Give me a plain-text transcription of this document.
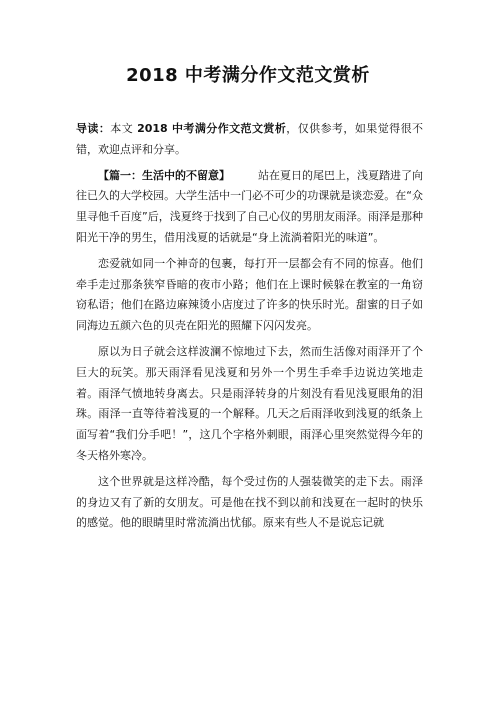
2018 中考满分作文范文赏析

导读：本文 2018 中考满分作文范文赏析，仅供参考，如果觉得很不错，欢迎点评和分享。

【篇一：生活中的不留意】	站在夏日的尾巴上，浅夏踏进了向往已久的大学校园。大学生活中一门必不可少的功课就是谈恋爱。在“众里寻他千百度”后，浅夏终于找到了自己心仪的男朋友雨泽。雨泽是那种阳光干净的男生，借用浅夏的话就是“身上流淌着阳光的味道”。

恋爱就如同一个神奇的包裹，每打开一层都会有不同的惊喜。他们牵手走过那条狭窄昏暗的夜市小路；他们在上课时候躲在教室的一角窃窃私语；他们在路边麻辣烫小店度过了许多的快乐时光。甜蜜的日子如同海边五颜六色的贝壳在阳光的照耀下闪闪发亮。

原以为日子就会这样波澜不惊地过下去，然而生活像对雨泽开了个巨大的玩笑。那天雨泽看见浅夏和另外一个男生手牵手边说边笑地走着。雨泽气愤地转身离去。只是雨泽转身的片刻没有看见浅夏眼角的泪珠。雨泽一直等待着浅夏的一个解释。几天之后雨泽收到浅夏的纸条上面写着“我们分手吧！”，这几个字格外刺眼，雨泽心里突然觉得今年的冬天格外寒冷。

这个世界就是这样冷酷，每个受过伤的人强装微笑的走下去。雨泽的身边又有了新的女朋友。可是他在找不到以前和浅夏在一起时的快乐的感觉。他的眼睛里时常流淌出忧郁。原来有些人不是说忘记就
